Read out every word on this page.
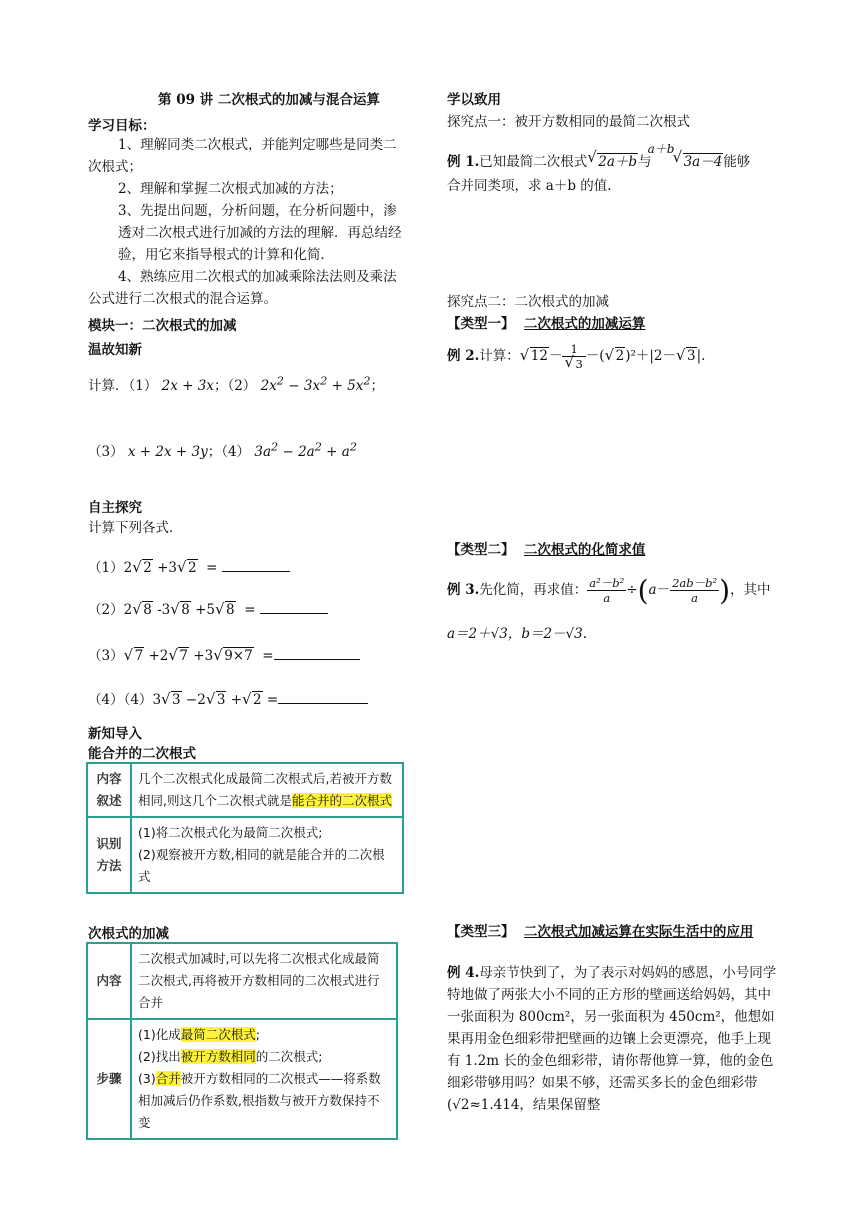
第 09 讲 二次根式的加减与混合运算
学习目标：
1、理解同类二次根式，并能判定哪些是同类二次根式；
2、理解和掌握二次根式加减的方法；
3、先提出问题，分析问题，在分析问题中，渗透对二次根式进行加减的方法的理解．再总结经验，用它来指导根式的计算和化简．
4、熟练应用二次根式的加减乘除法法则及乘法公式进行二次根式的混合运算。
模块一：二次根式的加减
温故知新
计算．（1） 2x + 3x；（2） $2x^2 - 3x^2 + 5x^2$；
（3） x + 2x + 3y；（4） $3a^2 - 2a^2 + a^2$
自主探究
计算下列各式．
（1）2 √ 2 +3 √ 2  =
（2）2 √ 8 -3 √ 8 +5 √ 8  =
（3） √ 7 +2 √ 7 +3 √ 9×7  =
（4）（4）3 √ 3 −2 √ 3 + √ 2 =
新知导入
能合并的二次根式
内容叙述	几个二次根式化成最简二次根式后,若被开方数相同,则这几个二次根式就是能合并的二次根式
识别方法	(1)将二次根式化为最简二次根式;
(2)观察被开方数,相同的就是能合并的二次根式
次根式的加减
内容	二次根式加减时,可以先将二次根式化成最简二次根式,再将被开方数相同的二次根式进行合并
步骤	(1)化成最简二次根式;
(2)找出被开方数相同的二次根式;
(3)合并被开方数相同的二次根式——将系数相加减后仍作系数,根指数与被开方数保持不变
学以致用
探究点一：被开方数相同的最简二次根式
例 1.已知最简二次根式 √ 2a＋b与
a＋b
√ 3a－4能够
合并同类项，求 a＋b 的值.
探究点二：二次根式的加减
【类型一】 二次根式的加减运算
例 2.计算： √ 12－ 1
√ 3 －( √ 2)²＋|2－ √ 3|.
【类型二】 二次根式的化简求值
例 3.先化简，再求值： $\frac{\text{a²－b²}}{a} \div(a- \frac{\text{2ab－b²}}{a}$ )，其中
a＝2＋√3，b＝2－√3.
【类型三】 二次根式加减运算在实际生活中的应用
例 4.母亲节快到了，为了表示对妈妈的感恩，小号同学特地做了两张大小不同的正方形的壁画送给妈妈，其中一张面积为 800cm²，另一张面积为 450cm²，他想如果再用金色细彩带把壁画的边镶上会更漂亮，他手上现有 1.2m 长的金色细彩带，请你帮他算一算，他的金色细彩带够用吗？如果不够，还需买多长的金色细彩带(√2≈1.414，结果保留整
